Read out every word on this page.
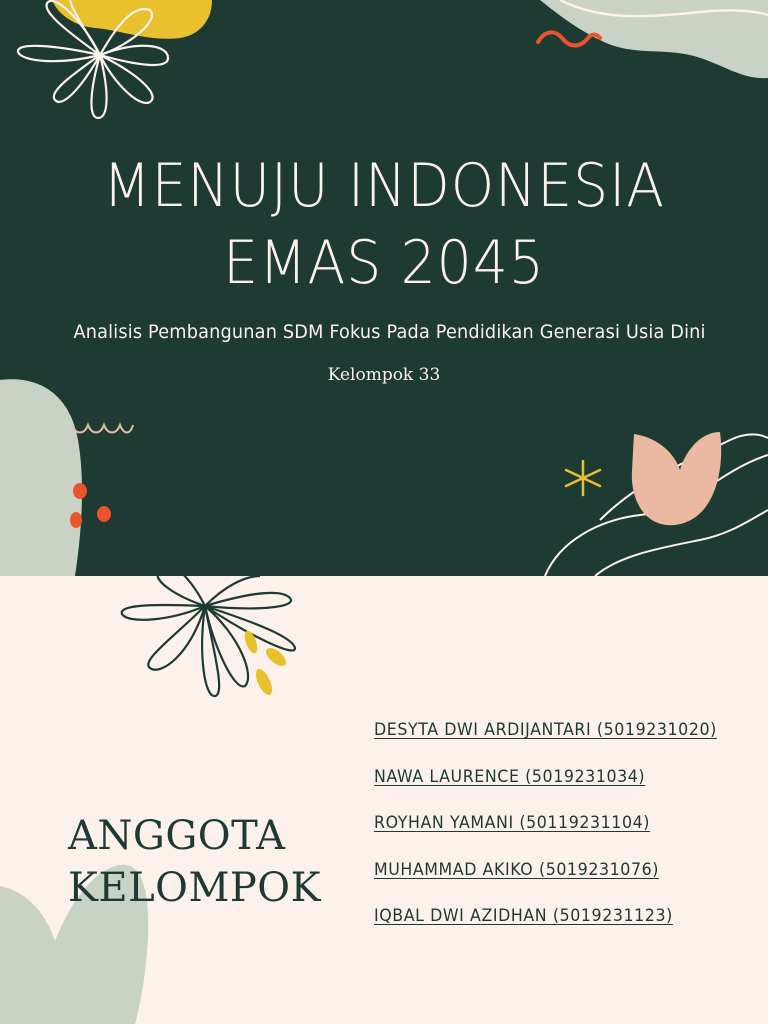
MENUJU INDONESIA
EMAS 2045
Analisis Pembangunan SDM Fokus Pada Pendidikan Generasi Usia Dini
Kelompok 33
ANGGOTA
KELOMPOK
DESYTA DWI ARDIJANTARI (5019231020)
NAWA LAURENCE (5019231034)
ROYHAN YAMANI (50119231104)
MUHAMMAD AKIKO (5019231076)
IQBAL DWI AZIDHAN (5019231123)
